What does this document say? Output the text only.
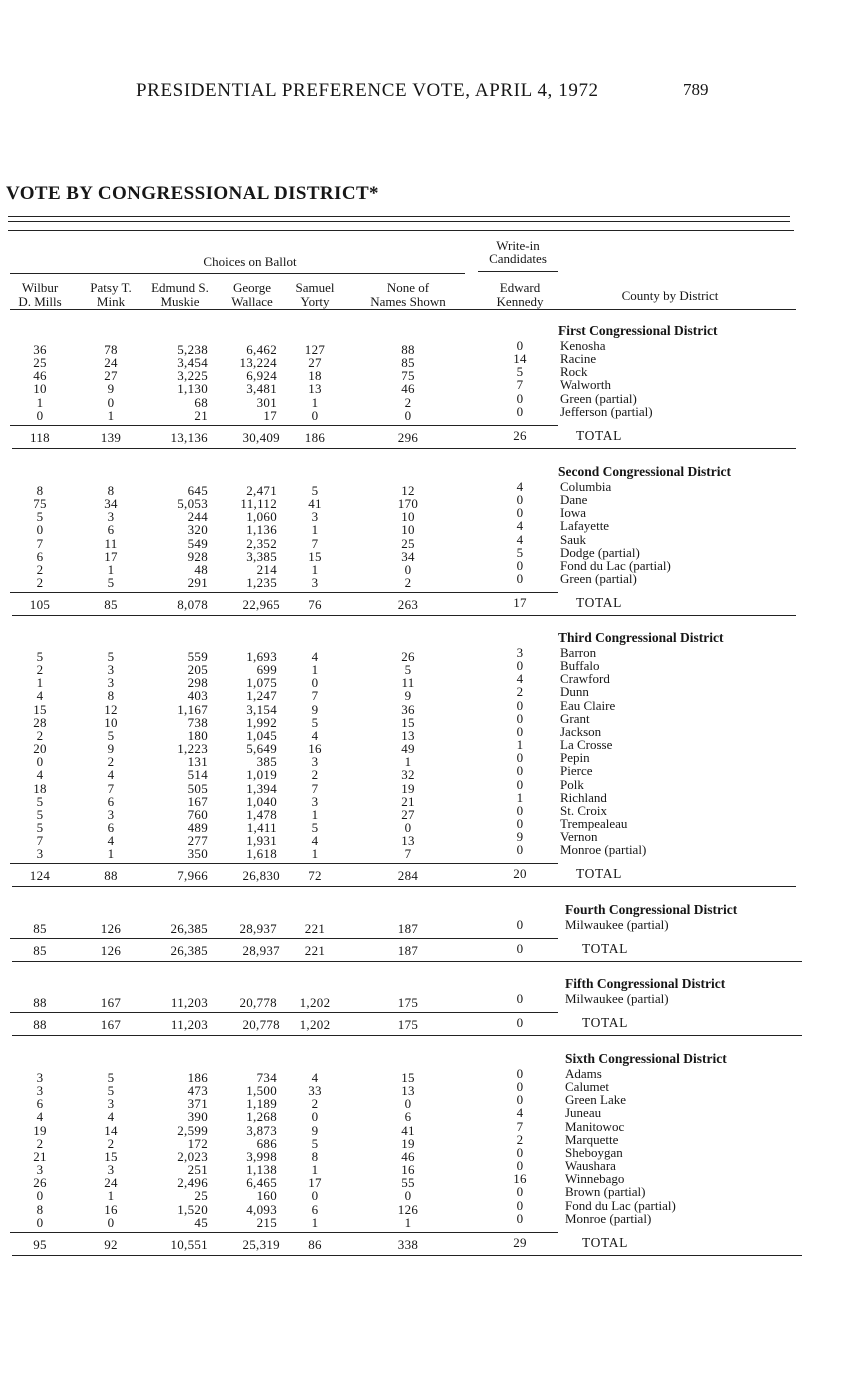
PRESIDENTIAL PREFERENCE VOTE, APRIL 4, 1972	789
VOTE BY CONGRESSIONAL DISTRICT*
Choices on Ballot
Write-in
Candidates
Wilbur
D. Mills
Patsy T.
Mink
Edmund S.
Muskie
George
Wallace
Samuel
Yorty
None of
Names Shown
Edward
Kennedy	County by District
First Congressional District
36	78	5,238	6,462	127	88	0	Kenosha
25	24	3,454	13,224	27	85	14	Racine
46	27	3,225	6,924	18	75	5	Rock
10	9	1,130	3,481	13	46	7	Walworth
1	0	68	301	1	2	0	Green (partial)
0	1	21	17	0	0	0	Jefferson (partial)
118	139	13,136	30,409	186	296	26	TOTAL
Second Congressional District
8	8	645	2,471	5	12	4	Columbia
75	34	5,053	11,112	41	170	0	Dane
5	3	244	1,060	3	10	0	Iowa
0	6	320	1,136	1	10	4	Lafayette
7	11	549	2,352	7	25	4	Sauk
6	17	928	3,385	15	34	5	Dodge (partial)
2	1	48	214	1	0	0	Fond du Lac (partial)
2	5	291	1,235	3	2	0	Green (partial)
105	85	8,078	22,965	76	263	17	TOTAL
Third Congressional District
5	5	559	1,693	4	26	3	Barron
2	3	205	699	1	5	0	Buffalo
1	3	298	1,075	0	11	4	Crawford
4	8	403	1,247	7	9	2	Dunn
15	12	1,167	3,154	9	36	0	Eau Claire
28	10	738	1,992	5	15	0	Grant
2	5	180	1,045	4	13	0	Jackson
20	9	1,223	5,649	16	49	1	La Crosse
0	2	131	385	3	1	0	Pepin
4	4	514	1,019	2	32	0	Pierce
18	7	505	1,394	7	19	0	Polk
5	6	167	1,040	3	21	1	Richland
5	3	760	1,478	1	27	0	St. Croix
5	6	489	1,411	5	0	0	Trempealeau
7	4	277	1,931	4	13	9	Vernon
3	1	350	1,618	1	7	0	Monroe (partial)
124	88	7,966	26,830	72	284	20	TOTAL
Fourth Congressional District
85	126	26,385	28,937	221	187	0	Milwaukee (partial)
85	126	26,385	28,937	221	187	0	TOTAL
Fifth Congressional District
88	167	11,203	20,778	1,202	175	0	Milwaukee (partial)
88	167	11,203	20,778	1,202	175	0	TOTAL
Sixth Congressional District
3	5	186	734	4	15	0	Adams
3	5	473	1,500	33	13	0	Calumet
6	3	371	1,189	2	0	0	Green Lake
4	4	390	1,268	0	6	4	Juneau
19	14	2,599	3,873	9	41	7	Manitowoc
2	2	172	686	5	19	2	Marquette
21	15	2,023	3,998	8	46	0	Sheboygan
3	3	251	1,138	1	16	0	Waushara
26	24	2,496	6,465	17	55	16	Winnebago
0	1	25	160	0	0	0	Brown (partial)
8	16	1,520	4,093	6	126	0	Fond du Lac (partial)
0	0	45	215	1	1	0	Monroe (partial)
95	92	10,551	25,319	86	338	29	TOTAL
